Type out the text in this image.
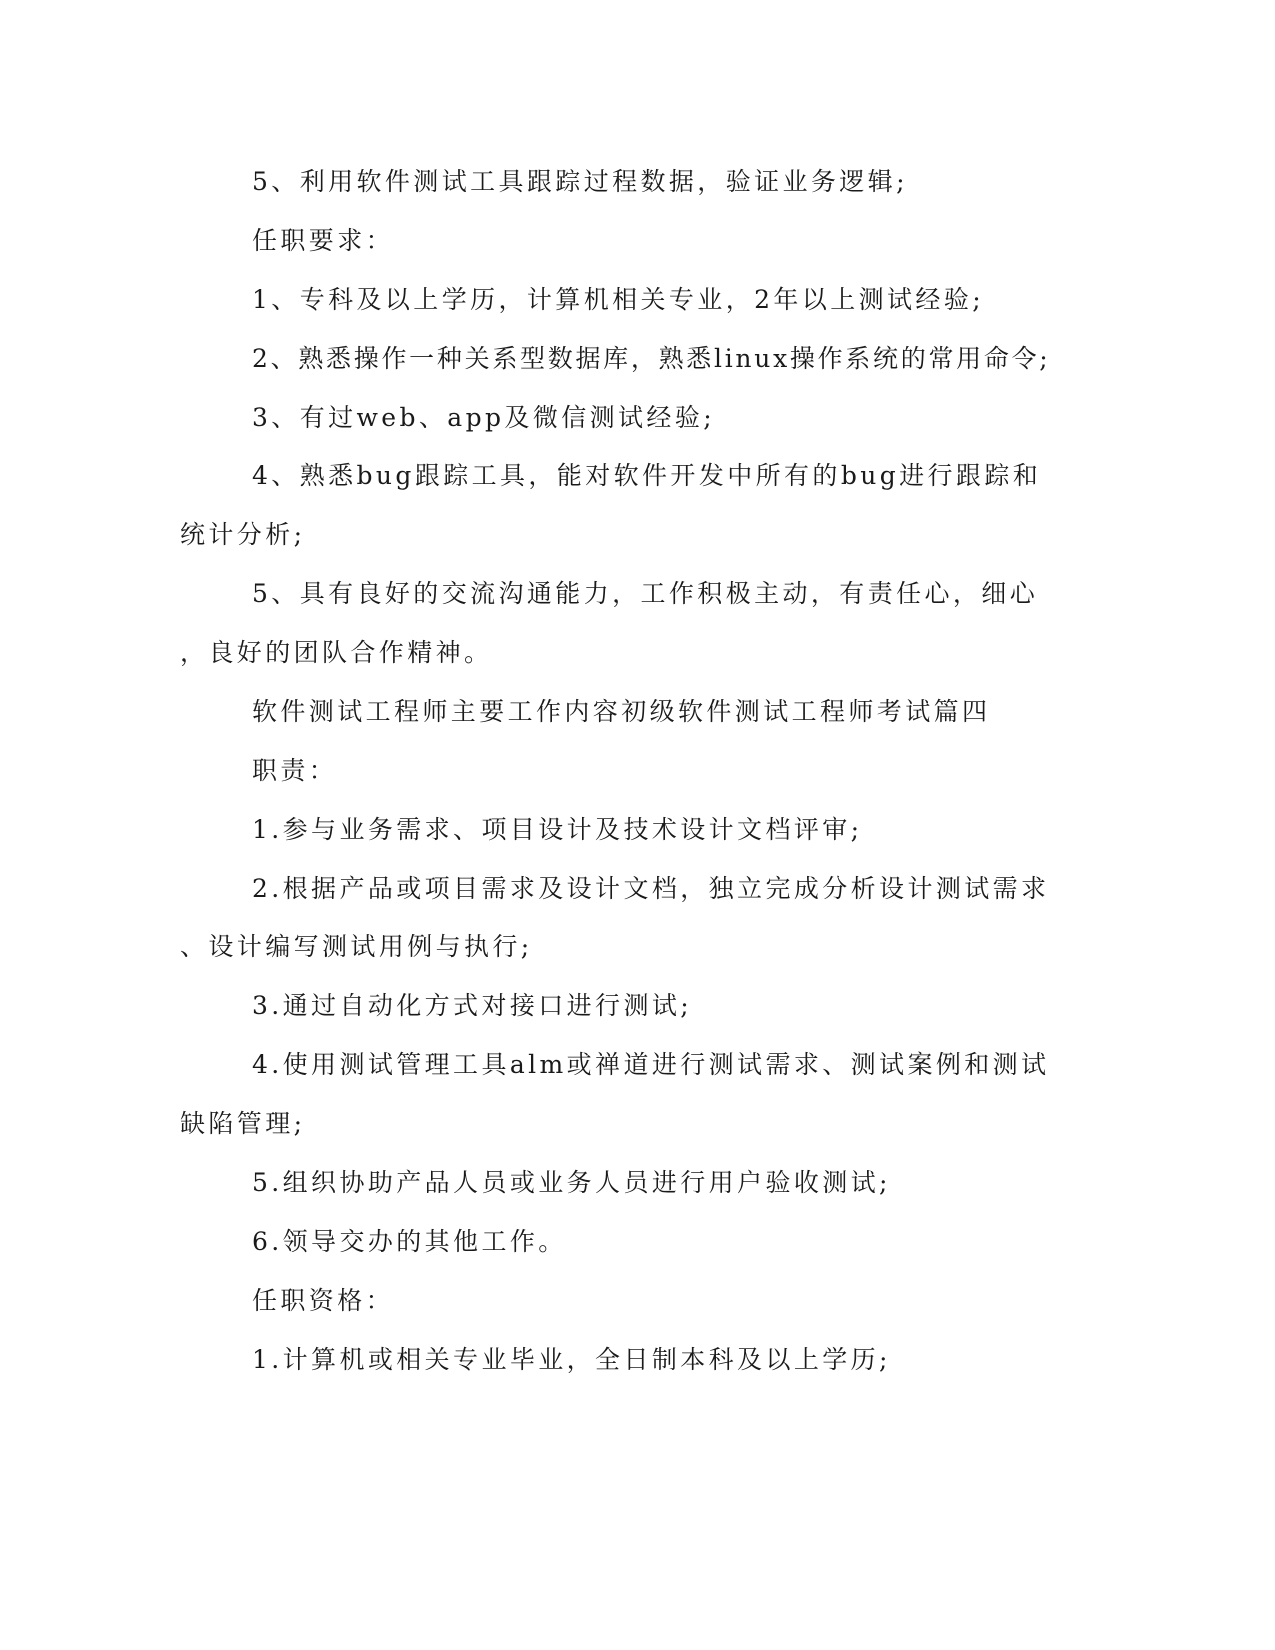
5、利用软件测试工具跟踪过程数据，验证业务逻辑;
任职要求：
1、专科及以上学历，计算机相关专业，2年以上测试经验;
2、熟悉操作一种关系型数据库，熟悉linux操作系统的常用命令;
3、有过web、app及微信测试经验;
4、熟悉bug跟踪工具，能对软件开发中所有的bug进行跟踪和
统计分析;
5、具有良好的交流沟通能力，工作积极主动，有责任心，细心
，良好的团队合作精神。
软件测试工程师主要工作内容初级软件测试工程师考试篇四
职责：
1.参与业务需求、项目设计及技术设计文档评审;
2.根据产品或项目需求及设计文档，独立完成分析设计测试需求
、设计编写测试用例与执行;
3.通过自动化方式对接口进行测试;
4.使用测试管理工具alm或禅道进行测试需求、测试案例和测试
缺陷管理;
5.组织协助产品人员或业务人员进行用户验收测试;
6.领导交办的其他工作。
任职资格：
1.计算机或相关专业毕业，全日制本科及以上学历;
